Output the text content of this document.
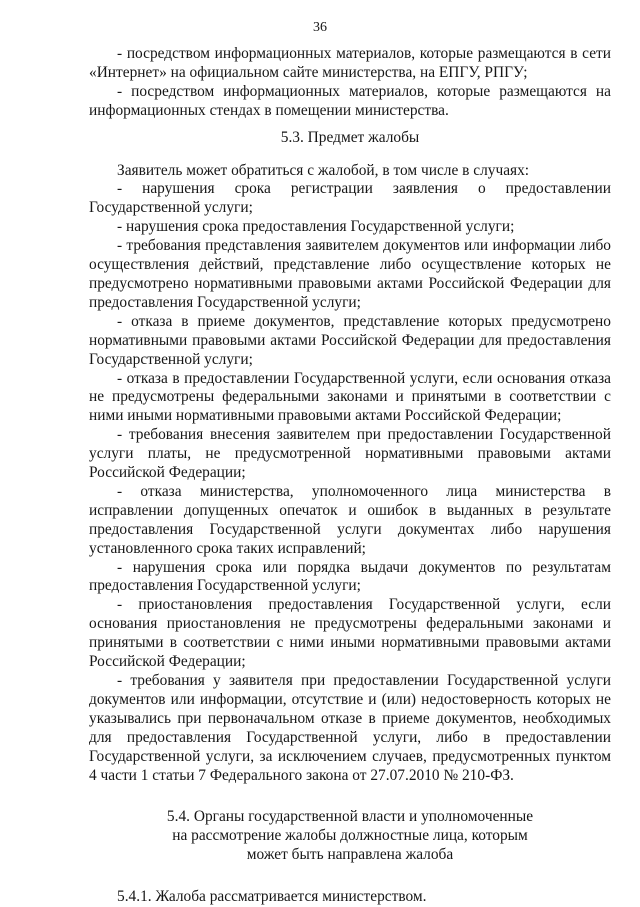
36

- посредством информационных материалов, которые размещаются в сети «Интернет» на официальном сайте министерства, на ЕПГУ, РПГУ;

- посредством информационных материалов, которые размещаются на информационных стендах в помещении министерства.

5.3. Предмет жалобы

Заявитель может обратиться с жалобой, в том числе в случаях:

- нарушения срока регистрации заявления о предоставлении Государственной услуги;

- нарушения срока предоставления Государственной услуги;

- требования представления заявителем документов или информации либо осуществления действий, представление либо осуществление которых не предусмотрено нормативными правовыми актами Российской Федерации для предоставления Государственной услуги;

- отказа в приеме документов, представление которых предусмотрено нормативными правовыми актами Российской Федерации для предоставления Государственной услуги;

- отказа в предоставлении Государственной услуги, если основания отказа не предусмотрены федеральными законами и принятыми в соответствии с ними иными нормативными правовыми актами Российской Федерации;

- требования внесения заявителем при предоставлении Государственной услуги платы, не предусмотренной нормативными правовыми актами Российской Федерации;

- отказа министерства, уполномоченного лица министерства в исправлении допущенных опечаток и ошибок в выданных в результате предоставления Государственной услуги документах либо нарушения установленного срока таких исправлений;

- нарушения срока или порядка выдачи документов по результатам предоставления Государственной услуги;

- приостановления предоставления Государственной услуги, если основания приостановления не предусмотрены федеральными законами и принятыми в соответствии с ними иными нормативными правовыми актами Российской Федерации;

- требования у заявителя при предоставлении Государственной услуги документов или информации, отсутствие и (или) недостоверность которых не указывались при первоначальном отказе в приеме документов, необходимых для предоставления Государственной услуги, либо в предоставлении Государственной услуги, за исключением случаев, предусмотренных пунктом 4 части 1 статьи 7 Федерального закона от 27.07.2010 № 210-ФЗ.

5.4. Органы государственной власти и уполномоченные
на рассмотрение жалобы должностные лица, которым
может быть направлена жалоба

5.4.1. Жалоба рассматривается министерством.
